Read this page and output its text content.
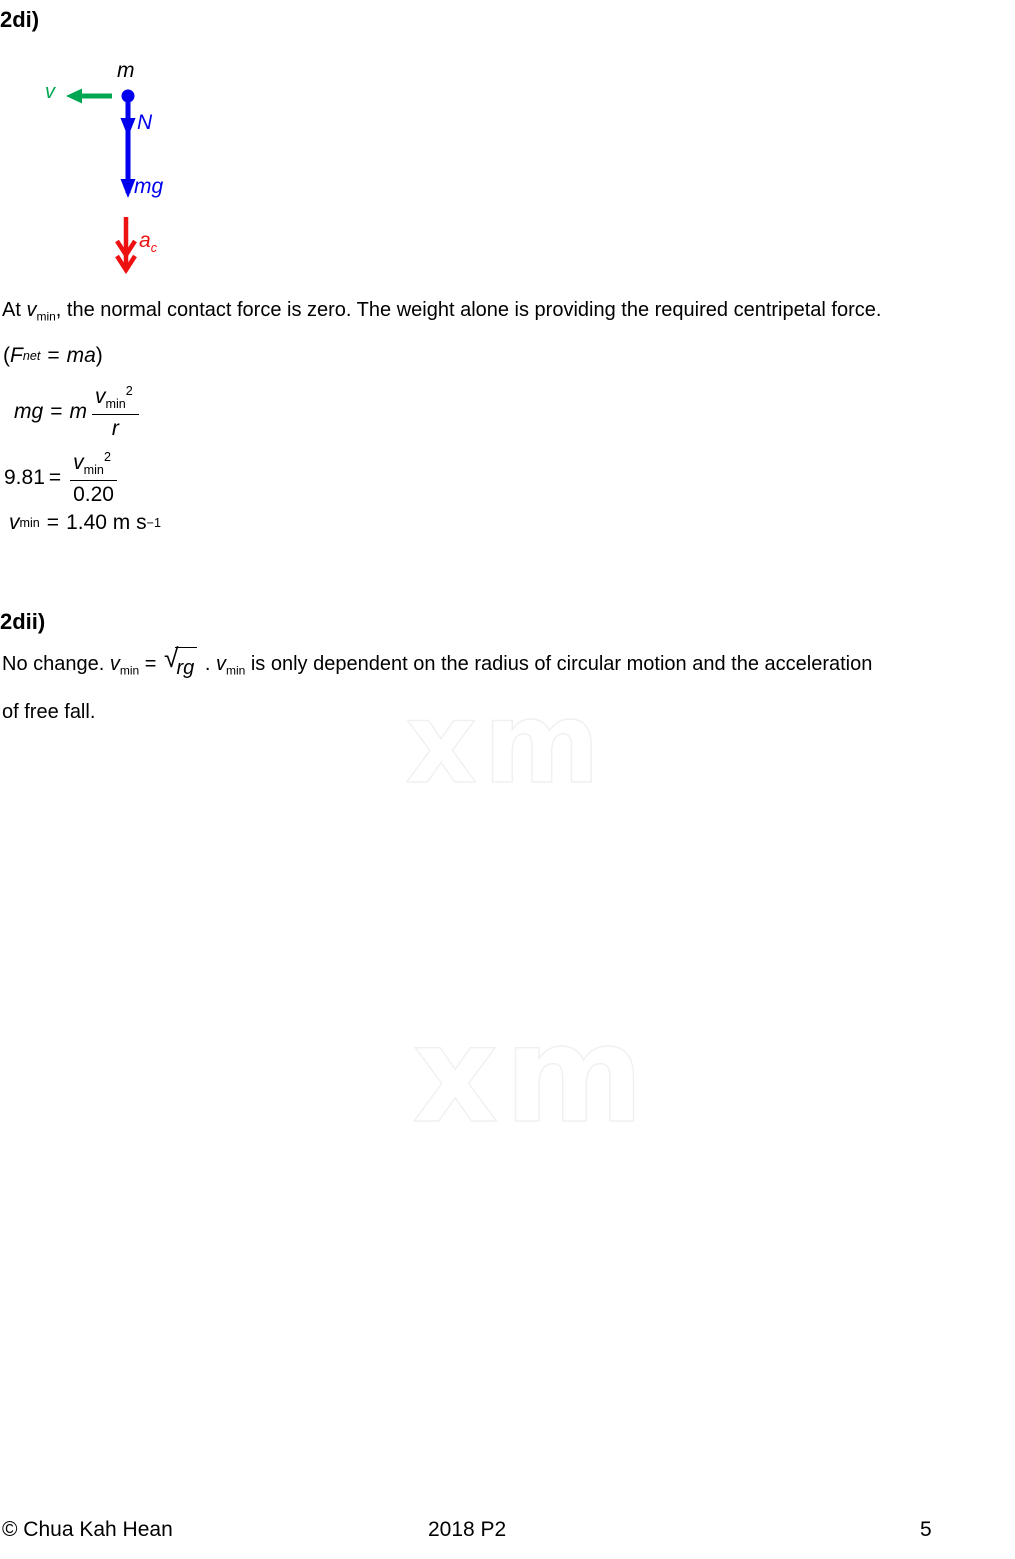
2di)
m
v
N
mg
$a_c$
At $v_{min}$, the normal contact force is zero. The weight alone is providing the required centripetal force.
( F net = ma )
mg = m $\frac{v_{min}^2}{r}$
$9.81 = \frac{v_{min}^2}{0.20}$
v min = 1.40 m s −1
2dii)
No change. $v_{min}$ = √
rg . $v_{min}$ is only dependent on the radius of circular motion and the acceleration
of free fall.	xm
xm
© Chua Kah Hean	2018 P2	5
